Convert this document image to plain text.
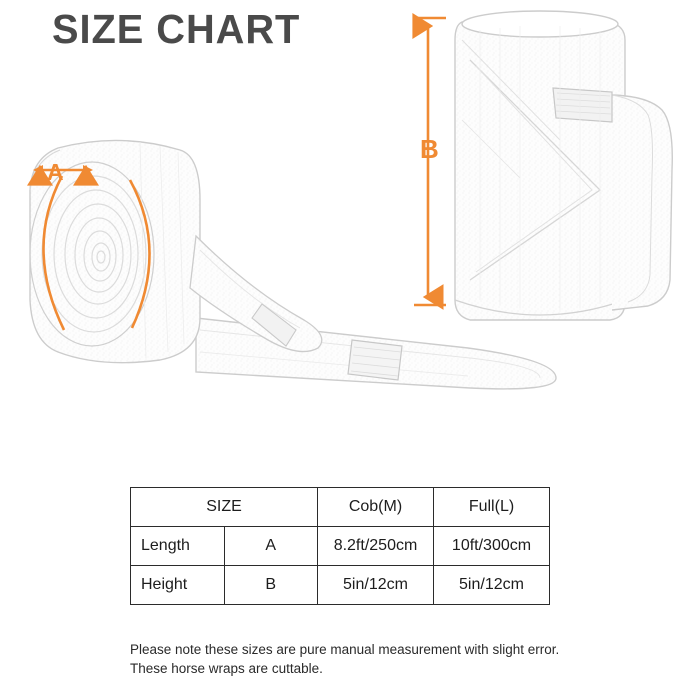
SIZE CHART
A
B
SIZE		Cob(M)	Full(L)
Length	A	8.2ft/250cm	10ft/300cm
Height	B	5in/12cm	5in/12cm
Please note these sizes are pure manual measurement with slight error.
These horse wraps are cuttable.
